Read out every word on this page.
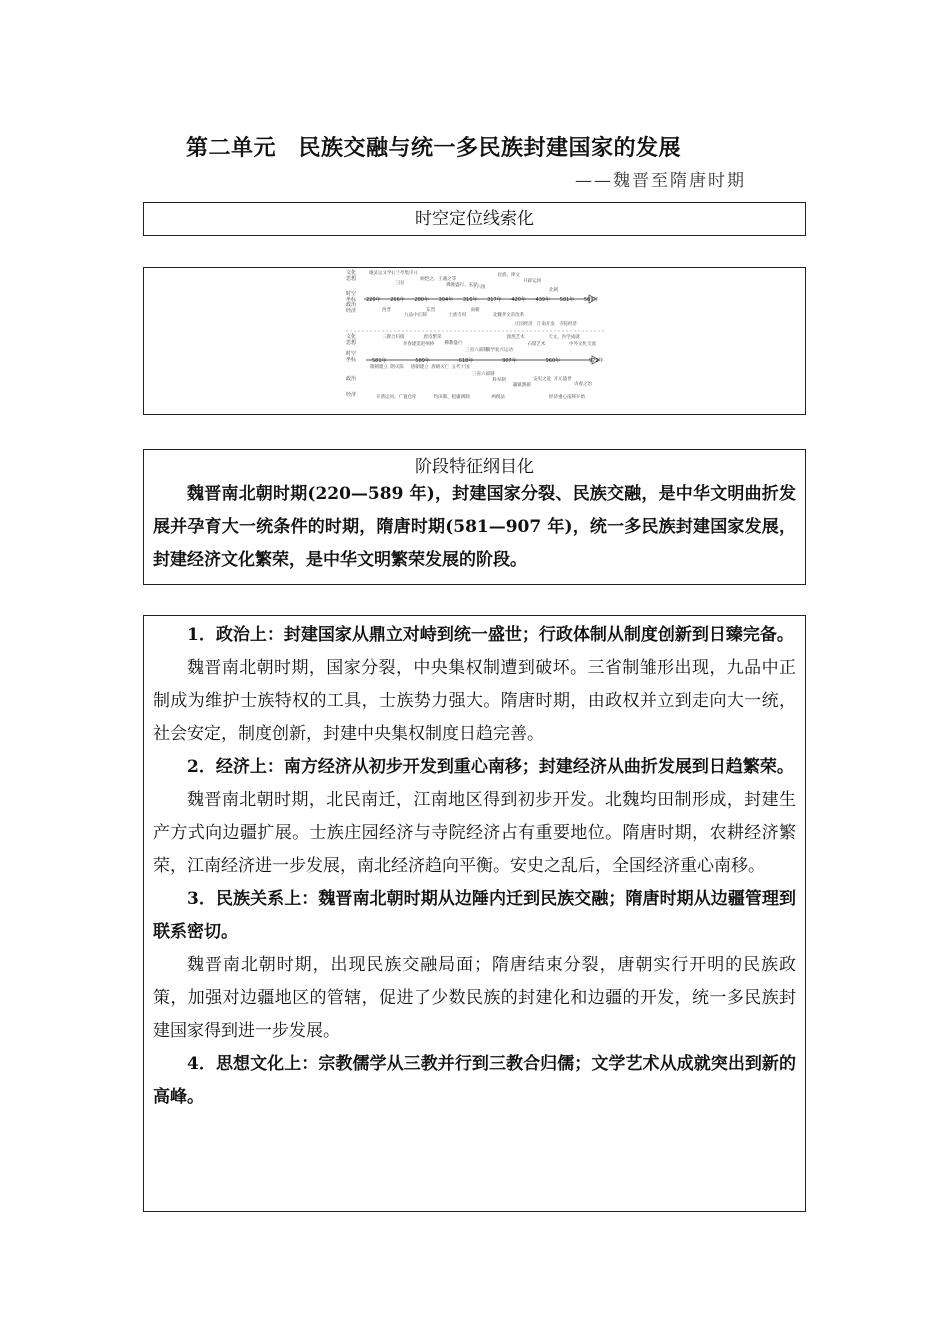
第二单元　民族交融与统一多民族封建国家的发展
——魏晋至隋唐时期
时空定位线索化
文化
思想
时空
坐标
政治
经济
谢灵运文学(《兰亭集序》)
三国
顾恺之、王羲之等
佛教盛行、玄学
十六国
民族、律文
开辟运河
北朝
220年 266年 280年 304年 316年 317年 420年 439年 581年 589年
西晋
九品中正制
东晋
土族专权
南朝
北魏孝文帝改革
庄园经济 江南开发 寺院经济
文化
思想
时空
坐标
政治
经济
三教合归儒
李春建造赵州桥
唐诗繁荣
佛教盛行
三省六部制
儒学复兴运动
敦煌艺术
石窟艺术
天文、医学成就
中外文化交流
581年	589年	618年	907年	960年	979年
隋朝建立 隋灭陈 唐朝建立 唐朝灭亡 五代十国
三省六部制
科举制
藩镇割据
安史之乱 开元盛世
贞观之治
开凿运河、广置仓库	均田制、租庸调制	两税法	经济重心南移开始
阶段特征纲目化

魏晋南北朝时期(220—589 年)，封建国家分裂、民族交融，是中华文明曲折发展并孕育大一统条件的时期，隋唐时期(581—907 年)，统一多民族封建国家发展，封建经济文化繁荣，是中华文明繁荣发展的阶段。

1．政治上：封建国家从鼎立对峙到统一盛世；行政体制从制度创新到日臻完备。

魏晋南北朝时期，国家分裂，中央集权制遭到破坏。三省制雏形出现，九品中正制成为维护士族特权的工具，士族势力强大。隋唐时期，由政权并立到走向大一统，社会安定，制度创新，封建中央集权制度日趋完善。

2．经济上：南方经济从初步开发到重心南移；封建经济从曲折发展到日趋繁荣。

魏晋南北朝时期，北民南迁，江南地区得到初步开发。北魏均田制形成，封建生产方式向边疆扩展。士族庄园经济与寺院经济占有重要地位。隋唐时期，农耕经济繁荣，江南经济进一步发展，南北经济趋向平衡。安史之乱后，全国经济重心南移。

3．民族关系上：魏晋南北朝时期从边陲内迁到民族交融；隋唐时期从边疆管理到联系密切。

魏晋南北朝时期，出现民族交融局面；隋唐结束分裂，唐朝实行开明的民族政策，加强对边疆地区的管辖，促进了少数民族的封建化和边疆的开发，统一多民族封建国家得到进一步发展。

4．思想文化上：宗教儒学从三教并行到三教合归儒；文学艺术从成就突出到新的高峰。
